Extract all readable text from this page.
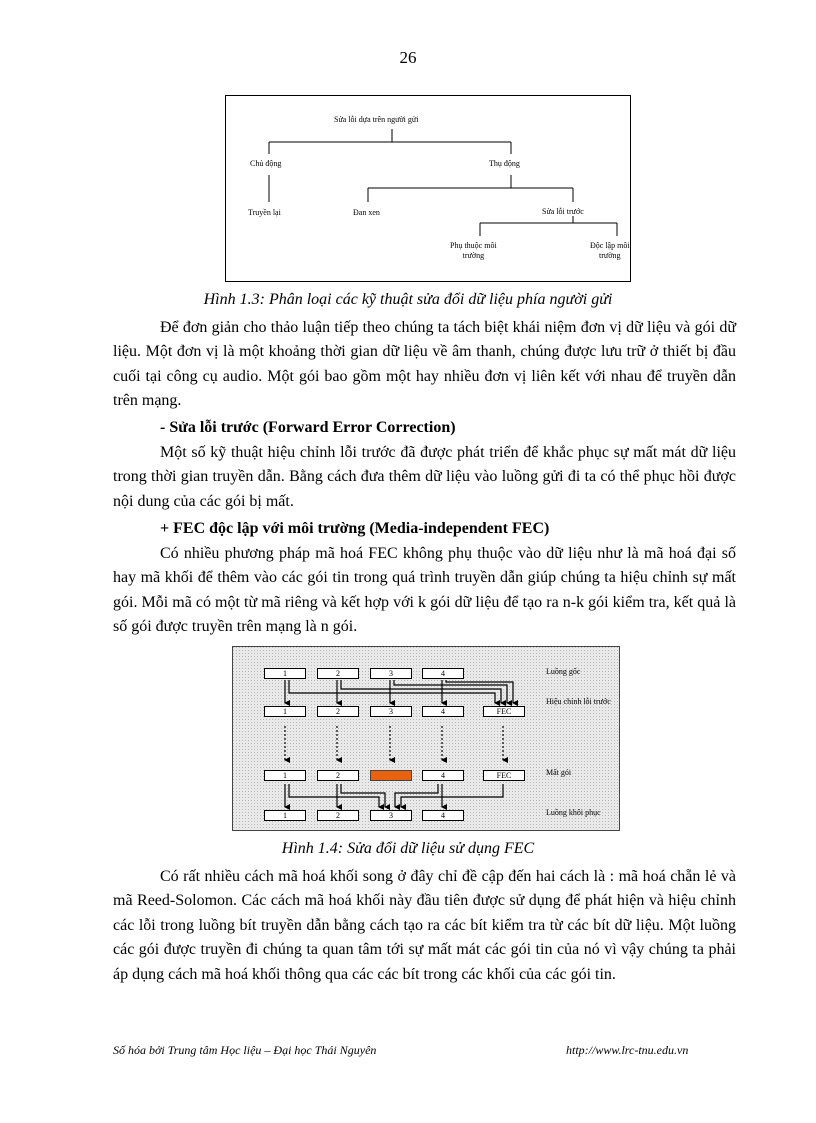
26
Sửa lỗi dựa trên người gửi
Chủ động	Thụ động
Truyền lại	Đan xen	Sửa lỗi trước
Phụ thuộc môi
trường
Độc lập môi
trường
Hình 1.3: Phân loại các kỹ thuật sửa đổi dữ liệu phía người gửi
Để đơn giản cho thảo luận tiếp theo chúng ta tách biệt khái niệm đơn vị dữ liệu và gói dữ liệu. Một đơn vị là một khoảng thời gian dữ liệu về âm thanh, chúng được lưu trữ ở thiết bị đầu cuối tại công cụ audio. Một gói bao gồm một hay nhiều đơn vị liên kết với nhau để truyền dẫn trên mạng.
- Sửa lỗi trước (Forward Error Correction)
Một số kỹ thuật hiệu chỉnh lỗi trước đã được phát triển để khắc phục sự mất mát dữ liệu trong thời gian truyền dẫn. Bằng cách đưa thêm dữ liệu vào luồng gửi đi ta có thể phục hồi được nội dung của các gói bị mất.
+ FEC độc lập với môi trường (Media-independent FEC)
Có nhiều phương pháp mã hoá FEC không phụ thuộc vào dữ liệu như là mã hoá đại số hay mã khối để thêm vào các gói tin trong quá trình truyền dẫn giúp chúng ta hiệu chỉnh sự mất gói. Mỗi mã có một từ mã riêng và kết hợp với k gói dữ liệu để tạo ra n-k gói kiểm tra, kết quả là số gói được truyền trên mạng là n gói.
1	2	3	4
1	2	3	4	FEC
1	2	4	FEC
1	2	3	4
Luồng gốc
Hiệu chỉnh lỗi trước
Mất gói
Luồng khôi phục
Hình 1.4: Sửa đổi dữ liệu sử dụng FEC
Có rất nhiều cách mã hoá khối song ở đây chỉ đề cập đến hai cách là : mã hoá chẵn lẻ và mã Reed-Solomon. Các cách mã hoá khối này đầu tiên được sử dụng để phát hiện và hiệu chỉnh các lỗi trong luồng bít truyền dẫn bằng cách tạo ra các bít kiểm tra từ các bít dữ liệu. Một luồng các gói được truyền đi chúng ta quan tâm tới sự mất mát các gói tin của nó vì vậy chúng ta phải áp dụng cách mã hoá khối thông qua các các bít trong các khối của các gói tin.
Số hóa bởi Trung tâm Học liệu – Đại học Thái Nguyên	http://www.lrc-tnu.edu.vn
